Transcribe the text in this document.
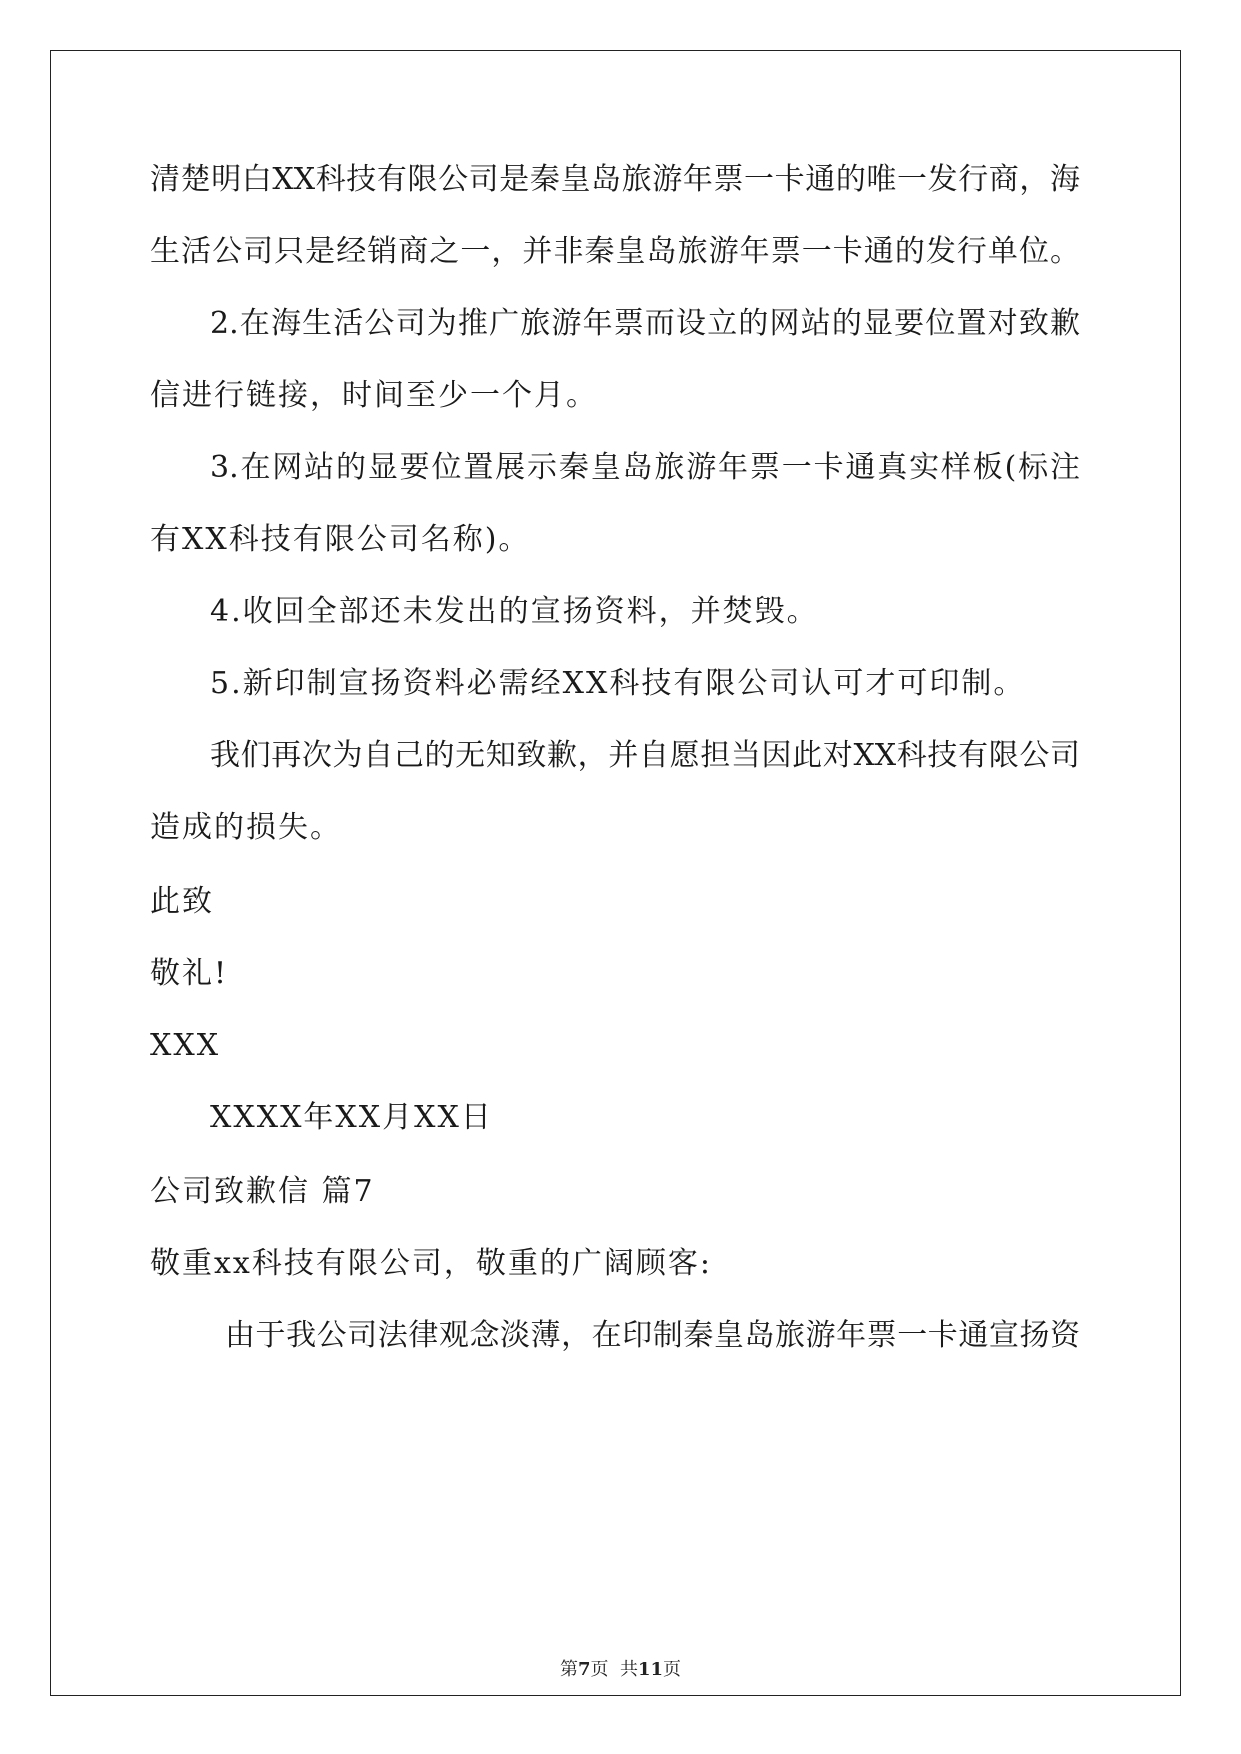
清楚明白XX科技有限公司是秦皇岛旅游年票一卡通的唯一发行商，海
生活公司只是经销商之一，并非秦皇岛旅游年票一卡通的发行单位。
2.在海生活公司为推广旅游年票而设立的网站的显要位置对致歉
信进行链接，时间至少一个月。
3.在网站的显要位置展示秦皇岛旅游年票一卡通真实样板(标注
有XX科技有限公司名称)。
4.收回全部还未发出的宣扬资料，并焚毁。
5.新印制宣扬资料必需经XX科技有限公司认可才可印制。
我们再次为自己的无知致歉，并自愿担当因此对XX科技有限公司
造成的损失。
此致
敬礼!
XXX
XXXX年XX月XX日
公司致歉信 篇7
敬重xx科技有限公司，敬重的广阔顾客:
由于我公司法律观念淡薄，在印制秦皇岛旅游年票一卡通宣扬资
第7页  共11页
